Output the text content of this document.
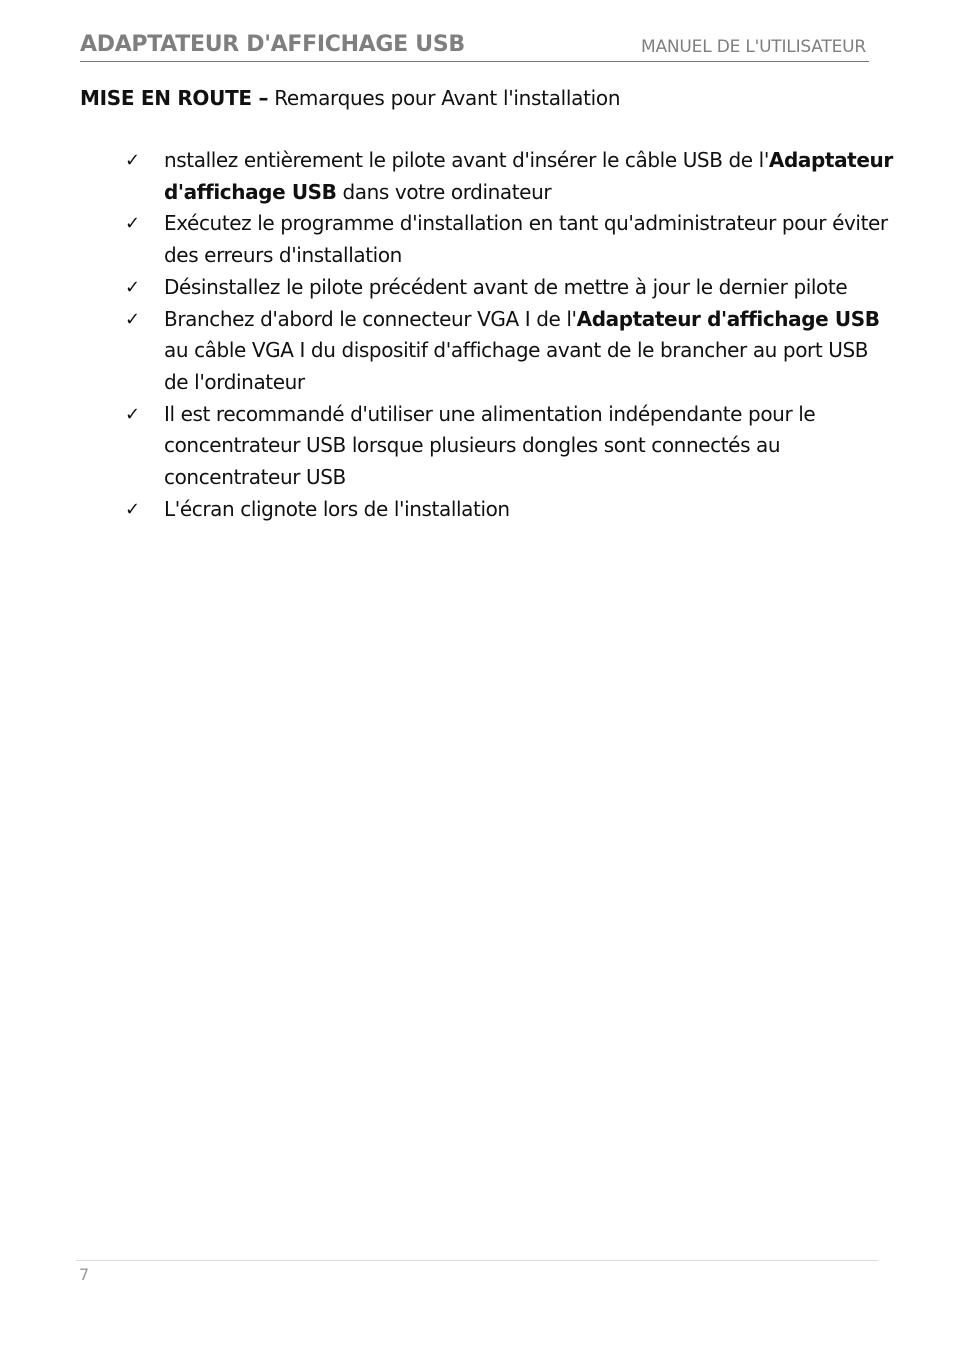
ADAPTATEUR D'AFFICHAGE USB	MANUEL DE L'UTILISATEUR
MISE EN ROUTE – Remarques pour Avant l'installation
✓ nstallez entièrement le pilote avant d'insérer le câble USB de l'Adaptateur d'affichage USB dans votre ordinateur
✓ Exécutez le programme d'installation en tant qu'administrateur pour éviter des erreurs d'installation
✓ Désinstallez le pilote précédent avant de mettre à jour le dernier pilote
✓ Branchez d'abord le connecteur VGA I de l'Adaptateur d'affichage USB au câble VGA I du dispositif d'affichage avant de le brancher au port USB de l'ordinateur
✓ Il est recommandé d'utiliser une alimentation indépendante pour le concentrateur USB lorsque plusieurs dongles sont connectés au concentrateur USB
✓ L'écran clignote lors de l'installation
7
